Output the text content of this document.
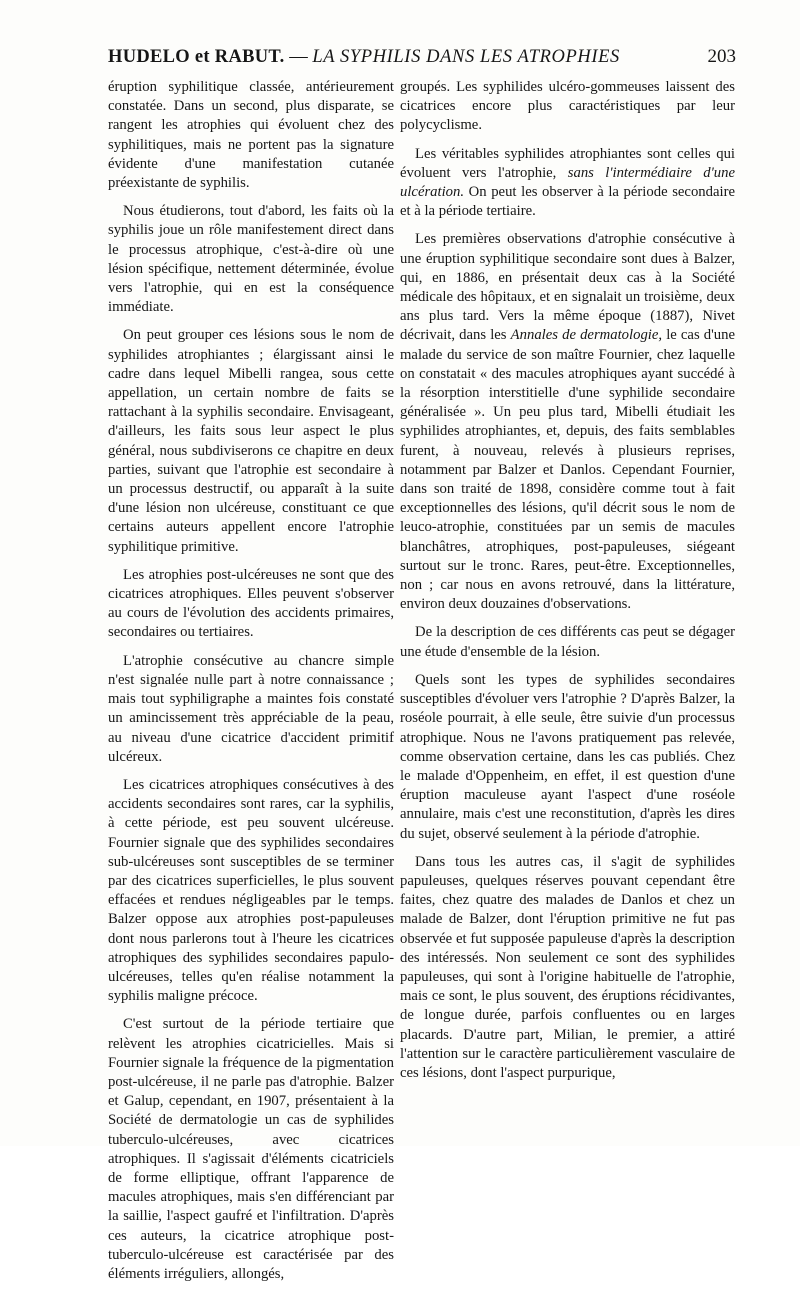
HUDELO et RABUT. — LA SYPHILIS DANS LES ATROPHIES	203

éruption syphilitique classée, antérieurement constatée. Dans un second, plus disparate, se rangent les atrophies qui évoluent chez des syphilitiques, mais ne portent pas la signature évidente d'une manifestation cutanée préexistante de syphilis.

Nous étudierons, tout d'abord, les faits où la syphilis joue un rôle manifestement direct dans le processus atrophique, c'est-à-dire où une lésion spécifique, nettement déterminée, évolue vers l'atrophie, qui en est la conséquence immédiate.

On peut grouper ces lésions sous le nom de syphilides atrophiantes ; élargissant ainsi le cadre dans lequel Mibelli rangea, sous cette appellation, un certain nombre de faits se rattachant à la syphilis secondaire. Envisageant, d'ailleurs, les faits sous leur aspect le plus général, nous subdiviserons ce chapitre en deux parties, suivant que l'atrophie est secondaire à un processus destructif, ou apparaît à la suite d'une lésion non ulcéreuse, constituant ce que certains auteurs appellent encore l'atrophie syphilitique primitive.

Les atrophies post-ulcéreuses ne sont que des cicatrices atrophiques. Elles peuvent s'observer au cours de l'évolution des accidents primaires, secondaires ou tertiaires.

L'atrophie consécutive au chancre simple n'est signalée nulle part à notre connaissance ; mais tout syphiligraphe a maintes fois constaté un amincissement très appréciable de la peau, au niveau d'une cicatrice d'accident primitif ulcéreux.

Les cicatrices atrophiques consécutives à des accidents secondaires sont rares, car la syphilis, à cette période, est peu souvent ulcéreuse. Fournier signale que des syphilides secondaires sub-ulcéreuses sont susceptibles de se terminer par des cicatrices superficielles, le plus souvent effacées et rendues négligeables par le temps. Balzer oppose aux atrophies post-papuleuses dont nous parlerons tout à l'heure les cicatrices atrophiques des syphilides secondaires papulo-ulcéreuses, telles qu'en réalise notamment la syphilis maligne précoce.

C'est surtout de la période tertiaire que relèvent les atrophies cicatricielles. Mais si Fournier signale la fréquence de la pigmentation post-ulcéreuse, il ne parle pas d'atrophie. Balzer et Galup, cependant, en 1907, présentaient à la Société de dermatologie un cas de syphilides tuberculo-ulcéreuses, avec cicatrices atrophiques. Il s'agissait d'éléments cicatriciels de forme elliptique, offrant l'apparence de macules atrophiques, mais s'en différenciant par la saillie, l'aspect gaufré et l'infiltration. D'après ces auteurs, la cicatrice atrophique post-tuberculo-ulcéreuse est caractérisée par des éléments irréguliers, allongés,

groupés. Les syphilides ulcéro-gommeuses laissent des cicatrices encore plus caractéristiques par leur polycyclisme.

Les véritables syphilides atrophiantes sont celles qui évoluent vers l'atrophie, sans l'intermédiaire d'une ulcération. On peut les observer à la période secondaire et à la période tertiaire.

Les premières observations d'atrophie consécutive à une éruption syphilitique secondaire sont dues à Balzer, qui, en 1886, en présentait deux cas à la Société médicale des hôpitaux, et en signalait un troisième, deux ans plus tard. Vers la même époque (1887), Nivet décrivait, dans les Annales de dermatologie, le cas d'une malade du service de son maître Fournier, chez laquelle on constatait « des macules atrophiques ayant succédé à la résorption interstitielle d'une syphilide secondaire généralisée ». Un peu plus tard, Mibelli étudiait les syphilides atrophiantes, et, depuis, des faits semblables furent, à nouveau, relevés à plusieurs reprises, notamment par Balzer et Danlos. Cependant Fournier, dans son traité de 1898, considère comme tout à fait exceptionnelles des lésions, qu'il décrit sous le nom de leuco-atrophie, constituées par un semis de macules blanchâtres, atrophiques, post-papuleuses, siégeant surtout sur le tronc. Rares, peut-être. Exceptionnelles, non ; car nous en avons retrouvé, dans la littérature, environ deux douzaines d'observations.

De la description de ces différents cas peut se dégager une étude d'ensemble de la lésion.

Quels sont les types de syphilides secondaires susceptibles d'évoluer vers l'atrophie ? D'après Balzer, la roséole pourrait, à elle seule, être suivie d'un processus atrophique. Nous ne l'avons pratiquement pas relevée, comme observation certaine, dans les cas publiés. Chez le malade d'Oppenheim, en effet, il est question d'une éruption maculeuse ayant l'aspect d'une roséole annulaire, mais c'est une reconstitution, d'après les dires du sujet, observé seulement à la période d'atrophie.

Dans tous les autres cas, il s'agit de syphilides papuleuses, quelques réserves pouvant cependant être faites, chez quatre des malades de Danlos et chez un malade de Balzer, dont l'éruption primitive ne fut pas observée et fut supposée papuleuse d'après la description des intéressés. Non seulement ce sont des syphilides papuleuses, qui sont à l'origine habituelle de l'atrophie, mais ce sont, le plus souvent, des éruptions récidivantes, de longue durée, parfois confluentes ou en larges placards. D'autre part, Milian, le premier, a attiré l'attention sur le caractère particulièrement vasculaire de ces lésions, dont l'aspect purpurique,
